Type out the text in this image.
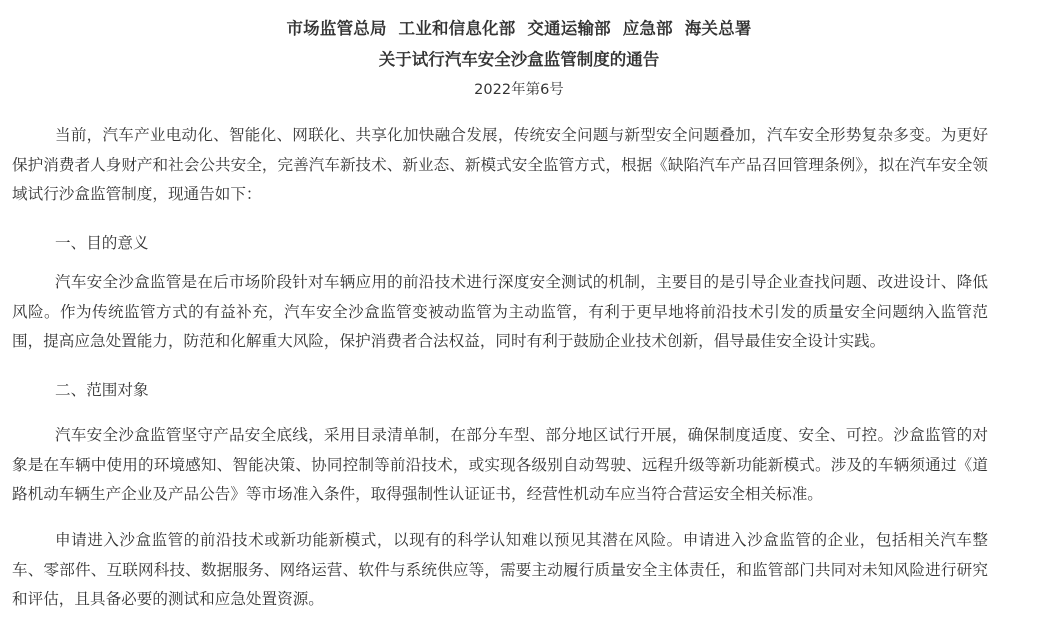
市场监管总局  工业和信息化部  交通运输部  应急部  海关总署
关于试行汽车安全沙盒监管制度的通告
2022年第6号

当前，汽车产业电动化、智能化、网联化、共享化加快融合发展，传统安全问题与新型安全问题叠加，汽车安全形势复杂多变。为更好保护消费者人身财产和社会公共安全，完善汽车新技术、新业态、新模式安全监管方式，根据《缺陷汽车产品召回管理条例》，拟在汽车安全领域试行沙盒监管制度，现通告如下：

一、目的意义

汽车安全沙盒监管是在后市场阶段针对车辆应用的前沿技术进行深度安全测试的机制，主要目的是引导企业查找问题、改进设计、降低风险。作为传统监管方式的有益补充，汽车安全沙盒监管变被动监管为主动监管，有利于更早地将前沿技术引发的质量安全问题纳入监管范围，提高应急处置能力，防范和化解重大风险，保护消费者合法权益，同时有利于鼓励企业技术创新，倡导最佳安全设计实践。

二、范围对象

汽车安全沙盒监管坚守产品安全底线，采用目录清单制，在部分车型、部分地区试行开展，确保制度适度、安全、可控。沙盒监管的对象是在车辆中使用的环境感知、智能决策、协同控制等前沿技术，或实现各级别自动驾驶、远程升级等新功能新模式。涉及的车辆须通过《道路机动车辆生产企业及产品公告》等市场准入条件，取得强制性认证证书，经营性机动车应当符合营运安全相关标准。

申请进入沙盒监管的前沿技术或新功能新模式，以现有的科学认知难以预见其潜在风险。申请进入沙盒监管的企业，包括相关汽车整车、零部件、互联网科技、数据服务、网络运营、软件与系统供应等，需要主动履行质量安全主体责任，和监管部门共同对未知风险进行研究和评估，且具备必要的测试和应急处置资源。
